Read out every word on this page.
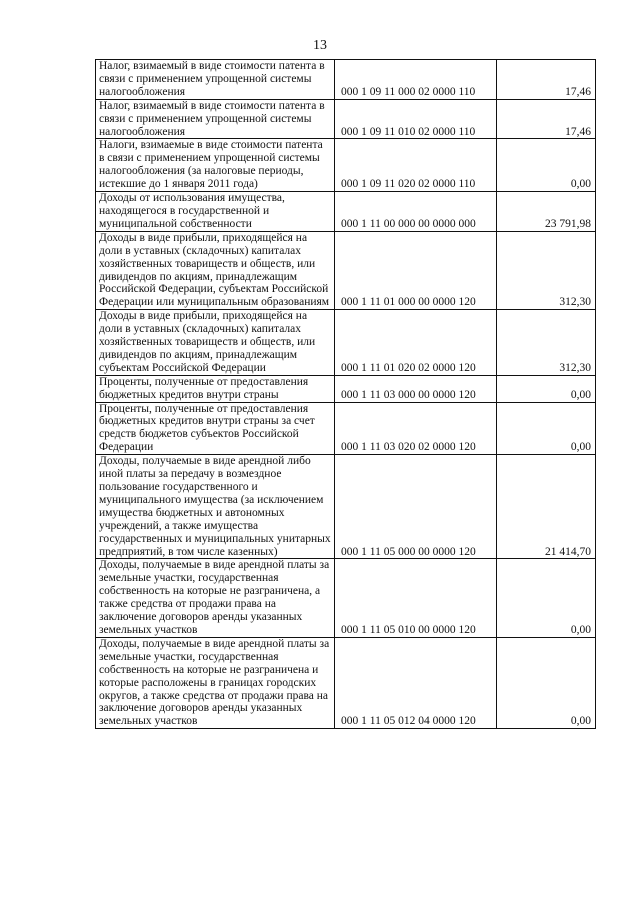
13
Налог, взимаемый в виде стоимости патента в связи с применением упрощенной системы налогообложения	000 1 09 11 000 02 0000 110	17,46
Налог, взимаемый в виде стоимости патента в связи с применением упрощенной системы налогообложения	000 1 09 11 010 02 0000 110	17,46
Налоги, взимаемые в виде стоимости патента в связи с применением упрощенной системы налогообложения (за налоговые периоды, истекшие до 1 января 2011 года)	000 1 09 11 020 02 0000 110	0,00
Доходы от использования имущества, находящегося в государственной и муниципальной собственности	000 1 11 00 000 00 0000 000	23 791,98
Доходы в виде прибыли, приходящейся на доли в уставных (складочных) капиталах хозяйственных товариществ и обществ, или дивидендов по акциям, принадлежащим Российской Федерации, субъектам Российской Федерации или муниципальным образованиям	000 1 11 01 000 00 0000 120	312,30
Доходы в виде прибыли, приходящейся на доли в уставных (складочных) капиталах хозяйственных товариществ и обществ, или дивидендов по акциям, принадлежащим субъектам Российской Федерации	000 1 11 01 020 02 0000 120	312,30
Проценты, полученные от предоставления бюджетных кредитов внутри страны	000 1 11 03 000 00 0000 120	0,00
Проценты, полученные от предоставления бюджетных кредитов внутри страны за счет средств бюджетов субъектов Российской Федерации	000 1 11 03 020 02 0000 120	0,00
Доходы, получаемые в виде арендной либо иной платы за передачу в возмездное пользование государственного и муниципального имущества (за исключением имущества бюджетных и автономных учреждений, а также имущества государственных и муниципальных унитарных предприятий, в том числе казенных)	000 1 11 05 000 00 0000 120	21 414,70
Доходы, получаемые в виде арендной платы за земельные участки, государственная собственность на которые не разграничена, а также средства от продажи права на заключение договоров аренды указанных земельных участков	000 1 11 05 010 00 0000 120	0,00
Доходы, получаемые в виде арендной платы за земельные участки, государственная собственность на которые не разграничена и которые расположены в границах городских округов, а также средства от продажи права на заключение договоров аренды указанных земельных участков	000 1 11 05 012 04 0000 120	0,00
